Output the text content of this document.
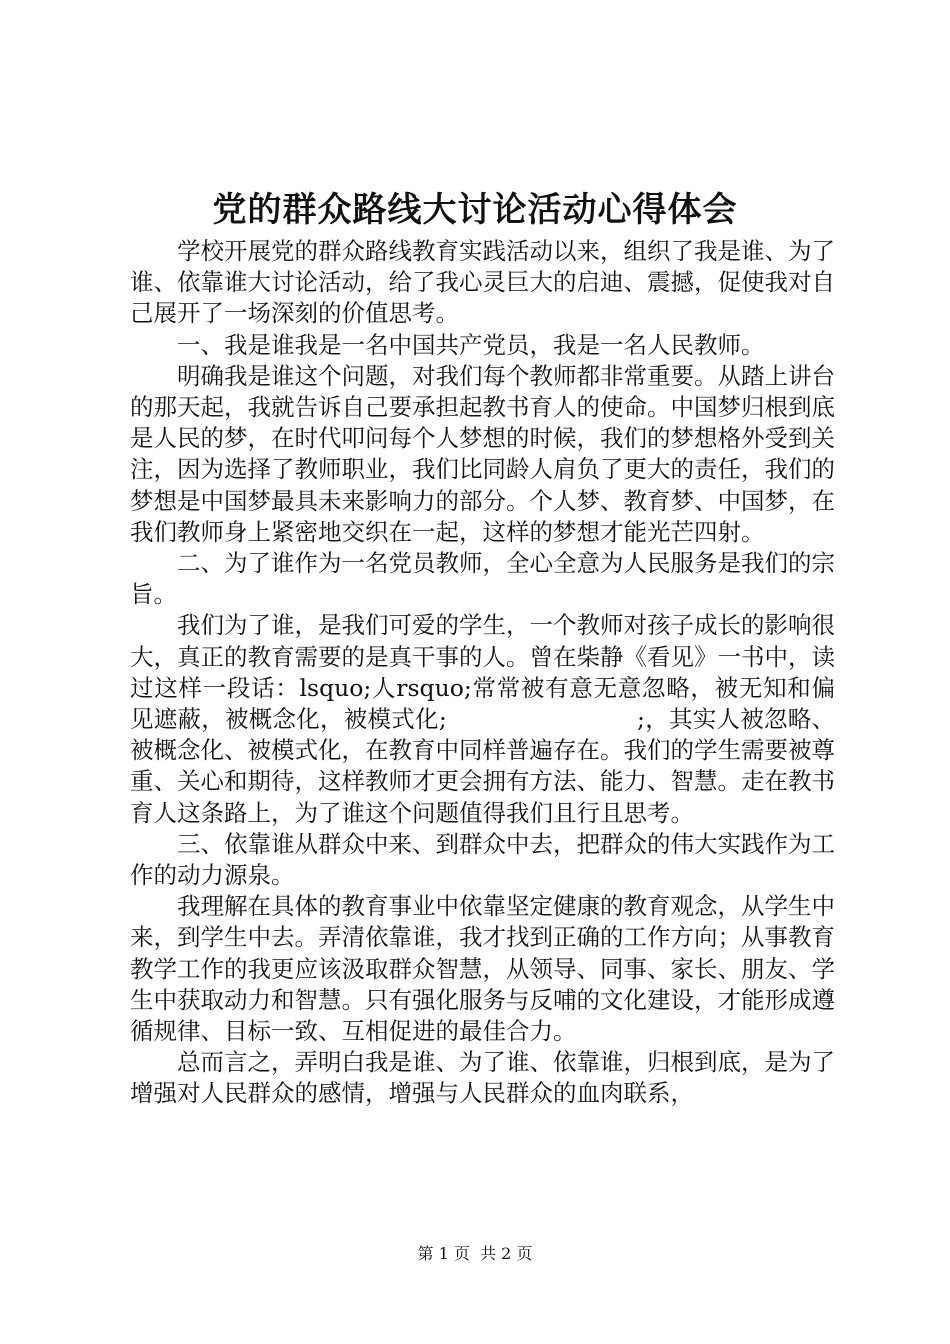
党的群众路线大讨论活动心得体会

学校开展党的群众路线教育实践活动以来，组织了我是谁、为了谁、依靠谁大讨论活动，给了我心灵巨大的启迪、震撼，促使我对自己展开了一场深刻的价值思考。

一、我是谁我是一名中国共产党员，我是一名人民教师。

明确我是谁这个问题，对我们每个教师都非常重要。从踏上讲台的那天起，我就告诉自己要承担起教书育人的使命。中国梦归根到底是人民的梦，在时代叩问每个人梦想的时候，我们的梦想格外受到关注，因为选择了教师职业，我们比同龄人肩负了更大的责任，我们的梦想是中国梦最具未来影响力的部分。个人梦、教育梦、中国梦，在我们教师身上紧密地交织在一起，这样的梦想才能光芒四射。

二、为了谁作为一名党员教师，全心全意为人民服务是我们的宗旨。

我们为了谁，是我们可爱的学生，一个教师对孩子成长的影响很大，真正的教育需要的是真干事的人。曾在柴静《看见》一书中，读过这样一段话：lsquo;人rsquo;常常被有意无意忽略，被无知和偏见遮蔽，被概念化，被模式化;　　　　　　　　;，其实人被忽略、被概念化、被模式化，在教育中同样普遍存在。我们的学生需要被尊重、关心和期待，这样教师才更会拥有方法、能力、智慧。走在教书育人这条路上，为了谁这个问题值得我们且行且思考。

三、依靠谁从群众中来、到群众中去，把群众的伟大实践作为工作的动力源泉。

我理解在具体的教育事业中依靠坚定健康的教育观念，从学生中来，到学生中去。弄清依靠谁，我才找到正确的工作方向；从事教育教学工作的我更应该汲取群众智慧，从领导、同事、家长、朋友、学生中获取动力和智慧。只有强化服务与反哺的文化建设，才能形成遵循规律、目标一致、互相促进的最佳合力。

总而言之，弄明白我是谁、为了谁、依靠谁，归根到底，是为了增强对人民群众的感情，增强与人民群众的血肉联系，

第 1 页  共 2 页
